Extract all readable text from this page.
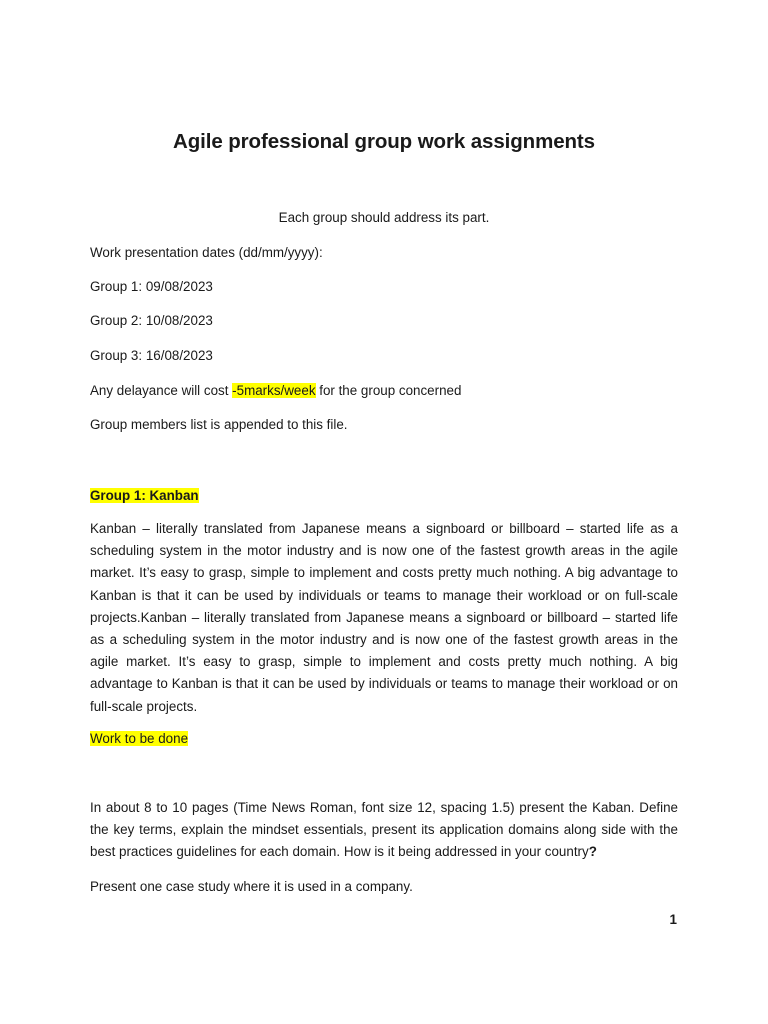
Agile professional group work assignments
Each group should address its part.
Work presentation dates (dd/mm/yyyy):
Group 1: 09/08/2023
Group 2: 10/08/2023
Group 3: 16/08/2023
Any delayance will cost -5marks/week for the group concerned
Group members list is appended to this file.
Group 1: Kanban
Kanban – literally translated from Japanese means a signboard or billboard – started life as a scheduling system in the motor industry and is now one of the fastest growth areas in the agile market. It’s easy to grasp, simple to implement and costs pretty much nothing. A big advantage to Kanban is that it can be used by individuals or teams to manage their workload or on full-scale projects.Kanban – literally translated from Japanese means a signboard or billboard – started life as a scheduling system in the motor industry and is now one of the fastest growth areas in the agile market. It’s easy to grasp, simple to implement and costs pretty much nothing. A big advantage to Kanban is that it can be used by individuals or teams to manage their workload or on full-scale projects.
Work to be done
In about 8 to 10 pages (Time News Roman, font size 12, spacing 1.5) present the Kaban. Define the key terms, explain the mindset essentials, present its application domains along side with the best practices guidelines for each domain. How is it being addressed in your country?
Present one case study where it is used in a company.
1
